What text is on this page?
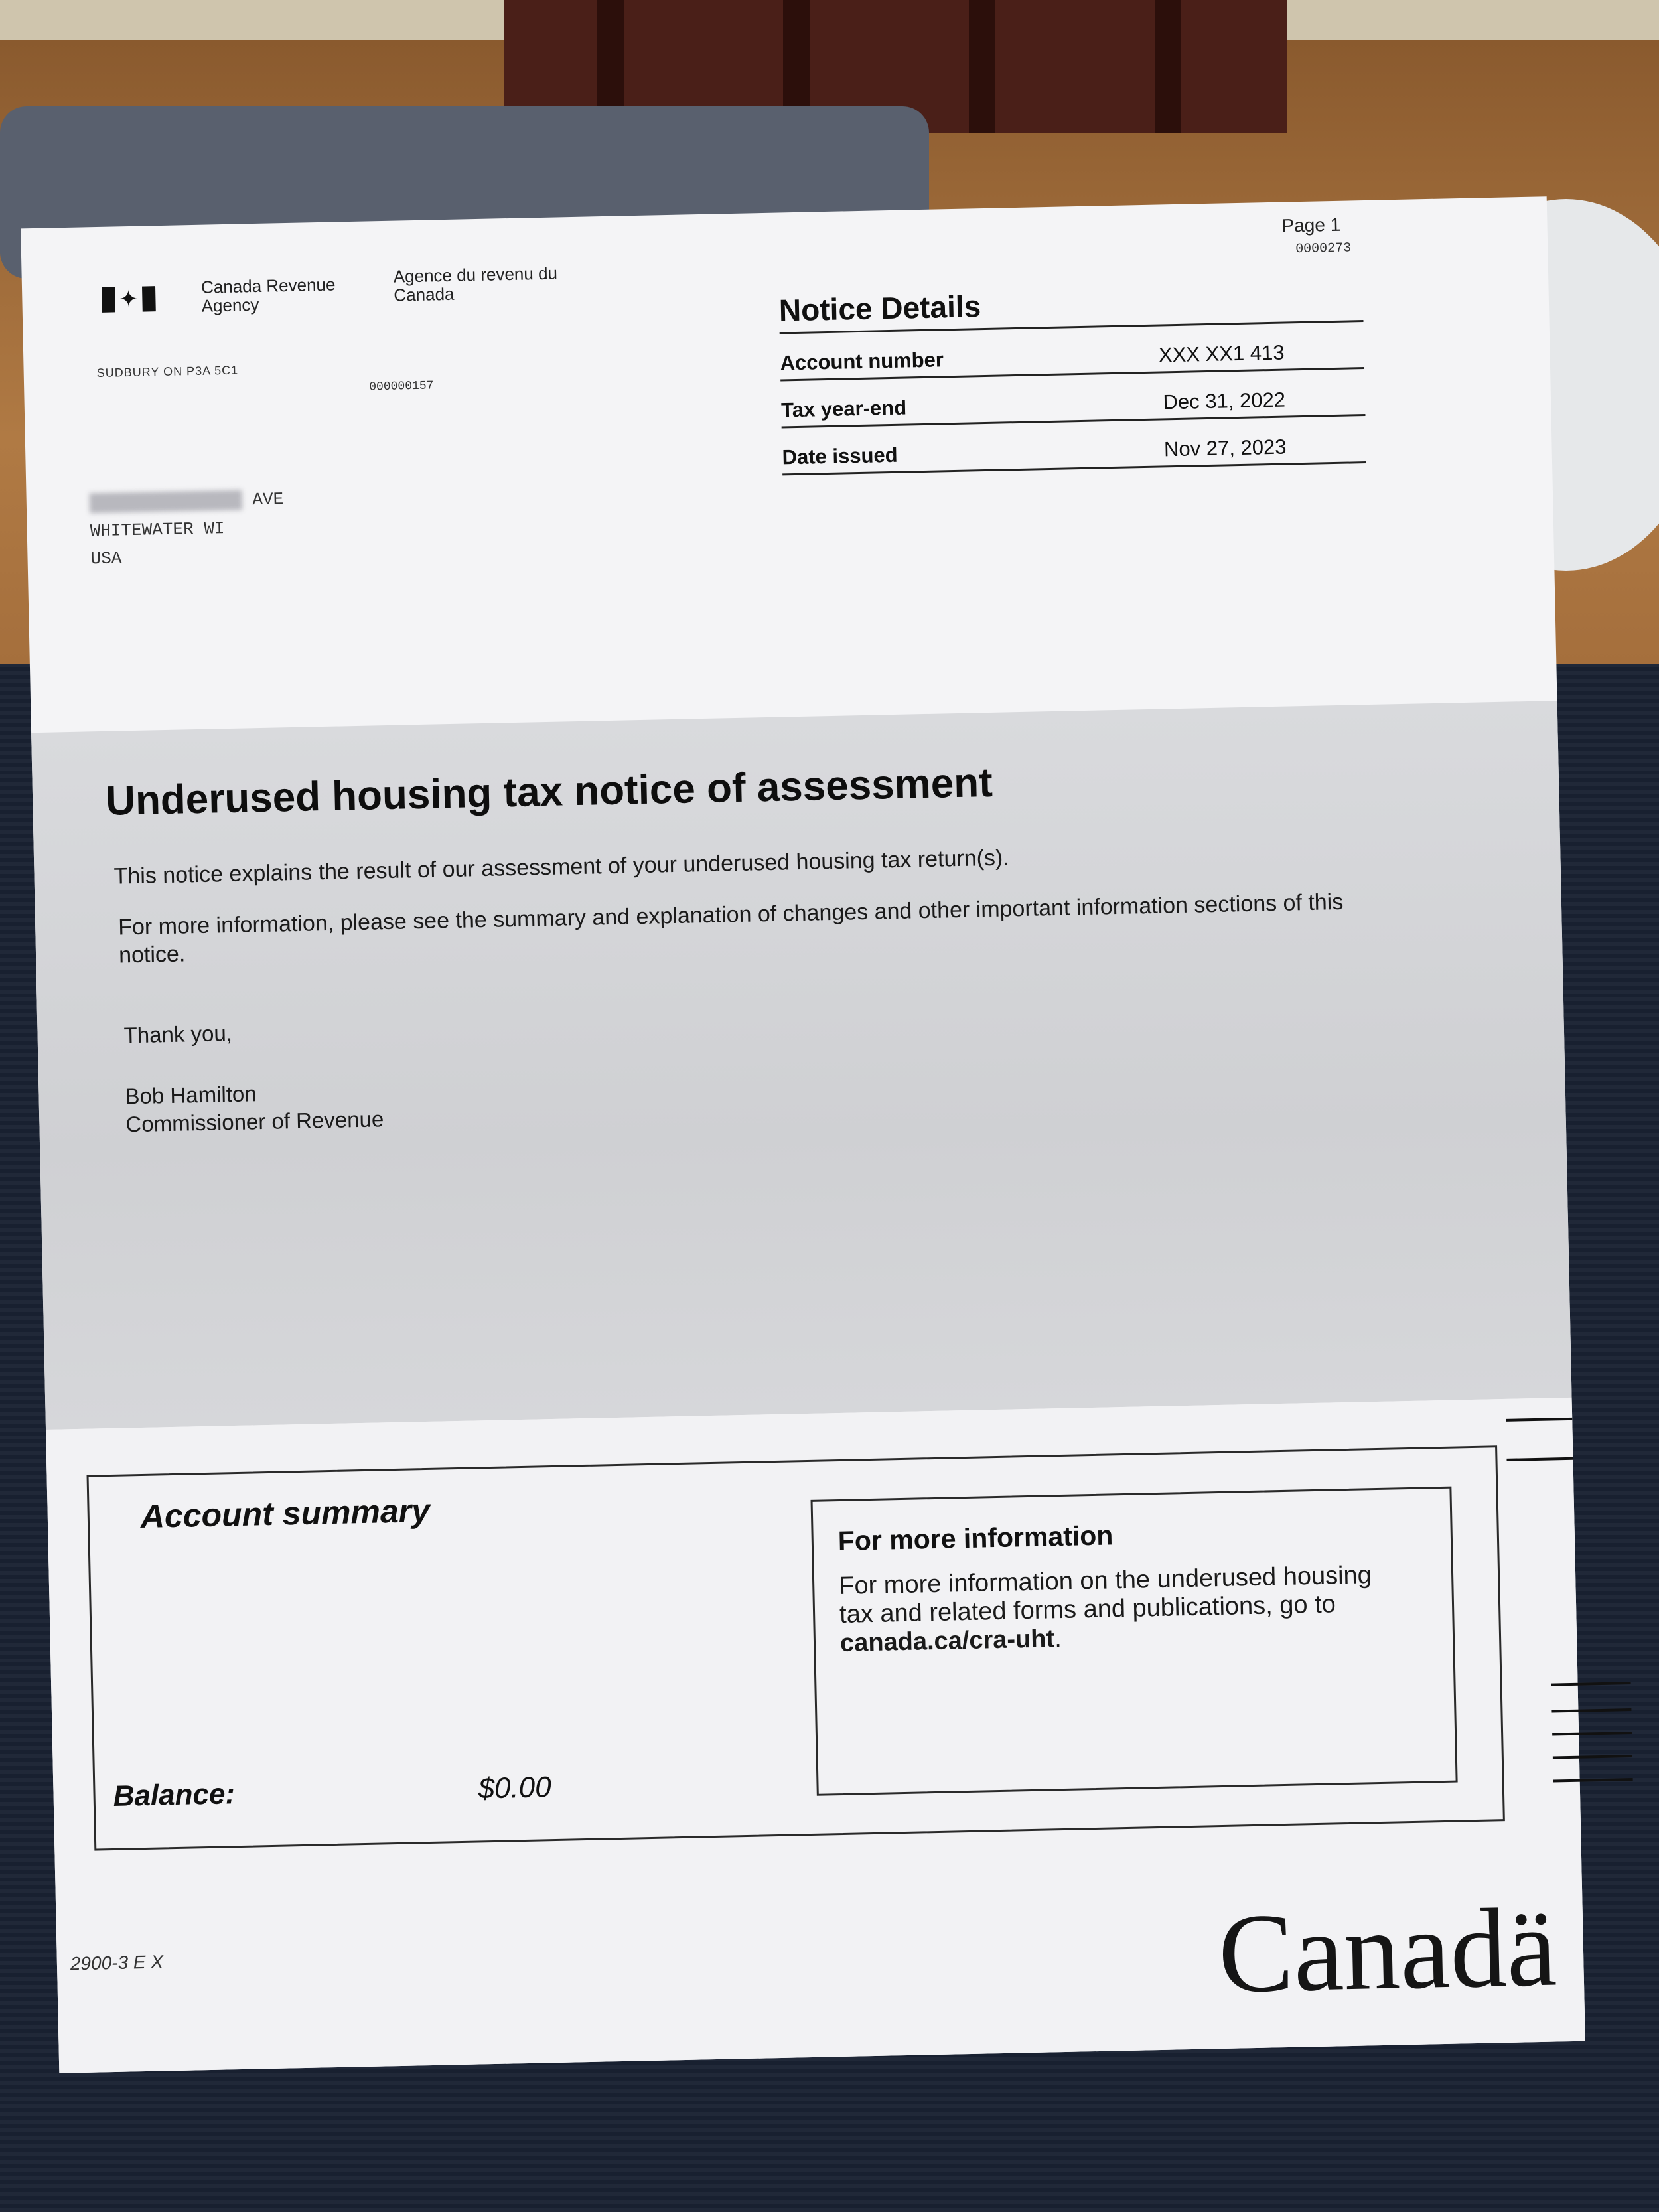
✦
Canada Revenue Agency
Agence du revenu du Canada
SUDBURY ON P3A 5C1
000000157
AVE
WHITEWATER WI
USA
Page 1
0000273
Notice Details
Account number	XXX XX1 413
Tax year-end	Dec 31, 2022
Date issued	Nov 27, 2023
Underused housing tax notice of assessment
This notice explains the result of our assessment of your underused housing tax return(s).
For more information, please see the summary and explanation of changes and other important information sections of this notice.
Thank you,
Bob Hamilton
Commissioner of Revenue
Account summary
Balance:	$0.00
For more information
For more information on the underused housing tax and related forms and publications, go to canada.ca/cra-uht.
2900-3 E X	Canadä
